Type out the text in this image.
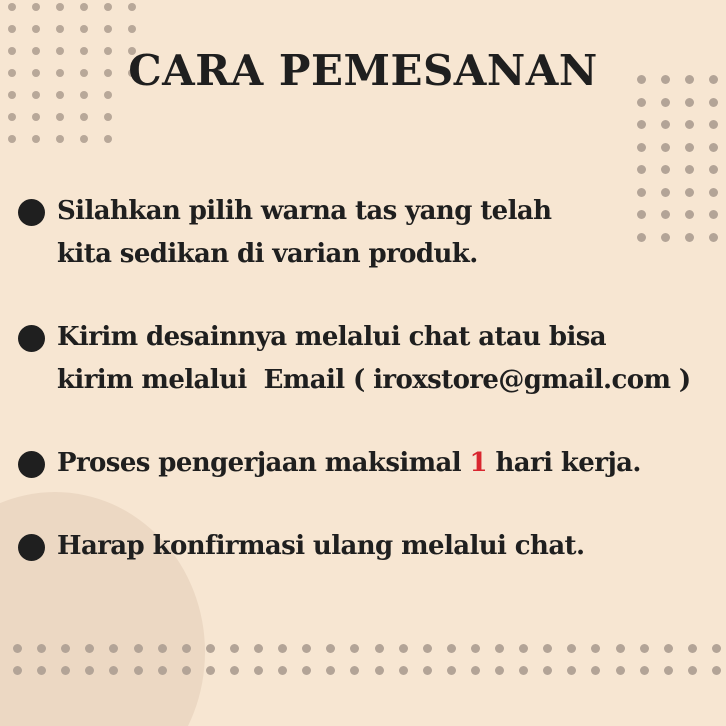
CARA PEMESANAN
Silahkan pilih warna tas yang telah
kita sedikan di varian produk.
Kirim desainnya melalui chat atau bisa
kirim melalui  Email ( iroxstore@gmail.com )
Proses pengerjaan maksimal 1 hari kerja.
Harap konfirmasi ulang melalui chat.
